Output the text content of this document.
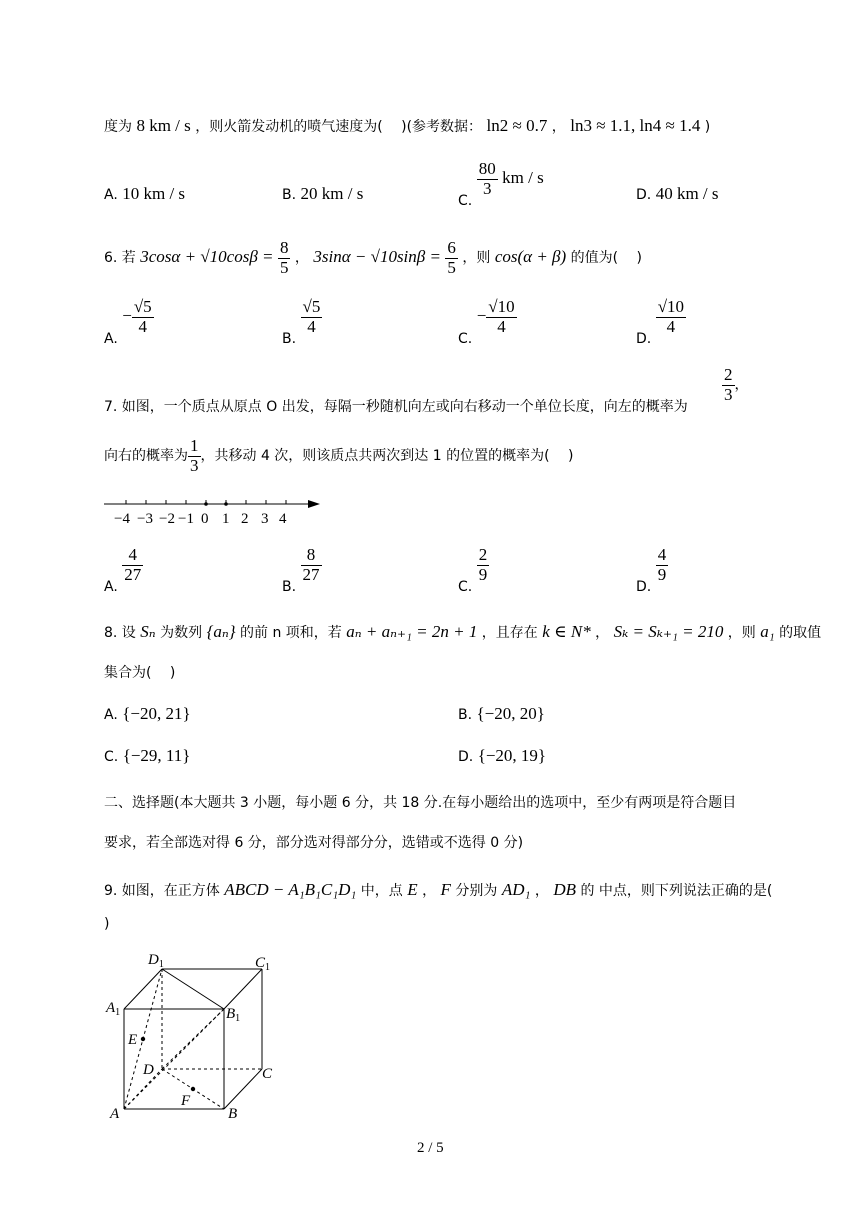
度为 8 km / s ，则火箭发动机的喷气速度为(　 )(参考数据： ln2 ≈ 0.7 ， ln3 ≈ 1.1, ln4 ≈ 1.4 )
A. 10 km / s	B. 20 km / s	C.
$\frac{80}{3}$ km / s
D. 40 km / s
6. 若 $3\cos\alpha + √10\cos\beta = \frac{8}{5}$ ， $3\sin\alpha - √10\sin\beta = \frac{6}{5}$ ，则 cos(α + β) 的值为(　 )
A. − $\frac{√5}{4}$
B.
$\frac{√5}{4}$
C. − $\frac{√10}{4}$
D.
$\frac{√10}{4}$
7. 如图，一个质点从原点 O 出发，每隔一秒随机向左或向右移动一个单位长度，向左的概率为
$\frac{2}{3}$ ，
向右的概率为 $\frac{1}{3}$ ，共移动 4 次，则该质点共两次到达 1 的位置的概率为(　 )
−4 −3 −2 −1 0 1 2 3 4
A.
$\frac{4}{27}$
B.
$\frac{8}{27}$
C.
$\frac{2}{9}$
D.
$\frac{4}{9}$
8. 设 Sₙ 为数列 {aₙ} 的前 n 项和，若 aₙ + aₙ₊₁ = 2n + 1 ，且存在 k ∈ N* ， Sₖ = Sₖ₊₁ = 210 ，则 a₁ 的取值
集合为(　 )
A. {−20, 21}	B. {−20, 20}
C. {−29, 11}	D. {−20, 19}
二、选择题(本大题共 3 小题，每小题 6 分，共 18 分.在每小题给出的选项中，至少有两项是符合题目
要求，若全部选对得 6 分，部分选对得部分分，选错或不选得 0 分)
9. 如图，在正方体 ABCD − A₁B₁C₁D₁ 中，点 E ， F 分别为 AD₁ ， DB 的 中点，则下列说法正确的是(
)
$D_1$	$C_1$
$A_1$	$B_1$
E
D	C
F
A	B
2 / 5
